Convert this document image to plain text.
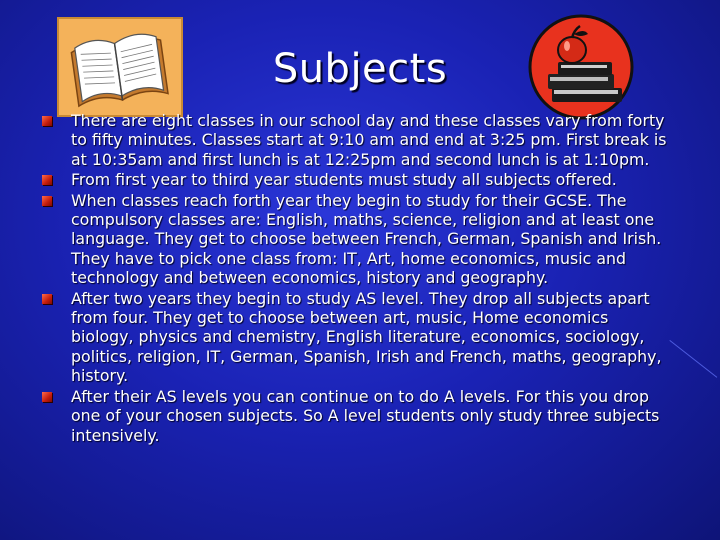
Subjects
There are eight classes in our school day and these classes vary from forty to fifty minutes. Classes start at 9:10 am and end at 3:25 pm. First break is at 10:35am and first lunch is at 12:25pm and second lunch is at 1:10pm.
From first year to third year students must study all subjects offered.
When classes reach forth year they begin to study for their GCSE. The compulsory classes are: English, maths, science, religion and at least one language. They get to choose between French, German, Spanish and Irish. They have to pick one class from: IT, Art, home economics, music and technology and between economics, history and geography.
After two years they begin to study AS level. They drop all subjects apart from four. They get to choose between art, music, Home economics biology, physics and chemistry, English literature, economics, sociology, politics, religion, IT, German, Spanish, Irish and French, maths, geography, history.
After their AS levels you can continue on to do A levels. For this you drop one of your chosen subjects. So A level students only study three subjects intensively.
